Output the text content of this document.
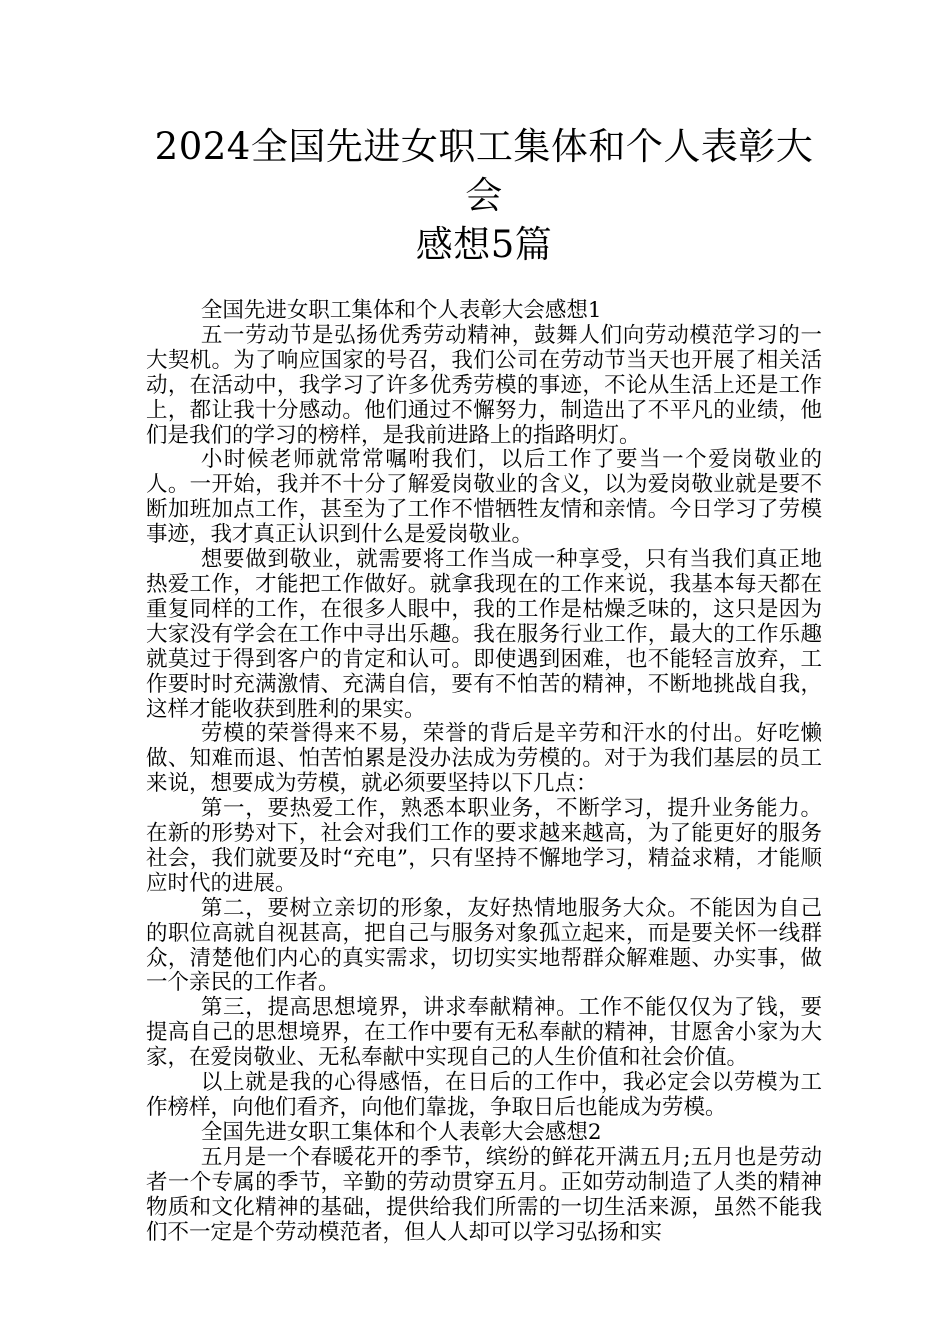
2024全国先进女职工集体和个人表彰大会
感想5篇

全国先进女职工集体和个人表彰大会感想1

五一劳动节是弘扬优秀劳动精神，鼓舞人们向劳动模范学习的一大契机。为了响应国家的号召，我们公司在劳动节当天也开展了相关活动，在活动中，我学习了许多优秀劳模的事迹，不论从生活上还是工作上，都让我十分感动。他们通过不懈努力，制造出了不平凡的业绩，他们是我们的学习的榜样，是我前进路上的指路明灯。

小时候老师就常常嘱咐我们，以后工作了要当一个爱岗敬业的人。一开始，我并不十分了解爱岗敬业的含义，以为爱岗敬业就是要不断加班加点工作，甚至为了工作不惜牺牲友情和亲情。今日学习了劳模事迹，我才真正认识到什么是爱岗敬业。

想要做到敬业，就需要将工作当成一种享受，只有当我们真正地热爱工作，才能把工作做好。就拿我现在的工作来说，我基本每天都在重复同样的工作，在很多人眼中，我的工作是枯燥乏味的，这只是因为大家没有学会在工作中寻出乐趣。我在服务行业工作，最大的工作乐趣就莫过于得到客户的肯定和认可。即使遇到困难，也不能轻言放弃，工作要时时充满激情、充满自信，要有不怕苦的精神，不断地挑战自我，这样才能收获到胜利的果实。

劳模的荣誉得来不易，荣誉的背后是辛劳和汗水的付出。好吃懒做、知难而退、怕苦怕累是没办法成为劳模的。对于为我们基层的员工来说，想要成为劳模，就必须要坚持以下几点：

第一，要热爱工作，熟悉本职业务，不断学习，提升业务能力。在新的形势对下，社会对我们工作的要求越来越高，为了能更好的服务社会，我们就要及时“充电”，只有坚持不懈地学习，精益求精，才能顺应时代的进展。

第二，要树立亲切的形象，友好热情地服务大众。不能因为自己的职位高就自视甚高，把自己与服务对象孤立起来，而是要关怀一线群众，清楚他们内心的真实需求，切切实实地帮群众解难题、办实事，做一个亲民的工作者。

第三，提高思想境界，讲求奉献精神。工作不能仅仅为了钱，要提高自己的思想境界，在工作中要有无私奉献的精神，甘愿舍小家为大家，在爱岗敬业、无私奉献中实现自己的人生价值和社会价值。

以上就是我的心得感悟，在日后的工作中，我必定会以劳模为工作榜样，向他们看齐，向他们靠拢，争取日后也能成为劳模。

全国先进女职工集体和个人表彰大会感想2

五月是一个春暖花开的季节，缤纷的鲜花开满五月;五月也是劳动者一个专属的季节，辛勤的劳动贯穿五月。正如劳动制造了人类的精神物质和文化精神的基础，提供给我们所需的一切生活来源，虽然不能我们不一定是个劳动模范者，但人人却可以学习弘扬和实
